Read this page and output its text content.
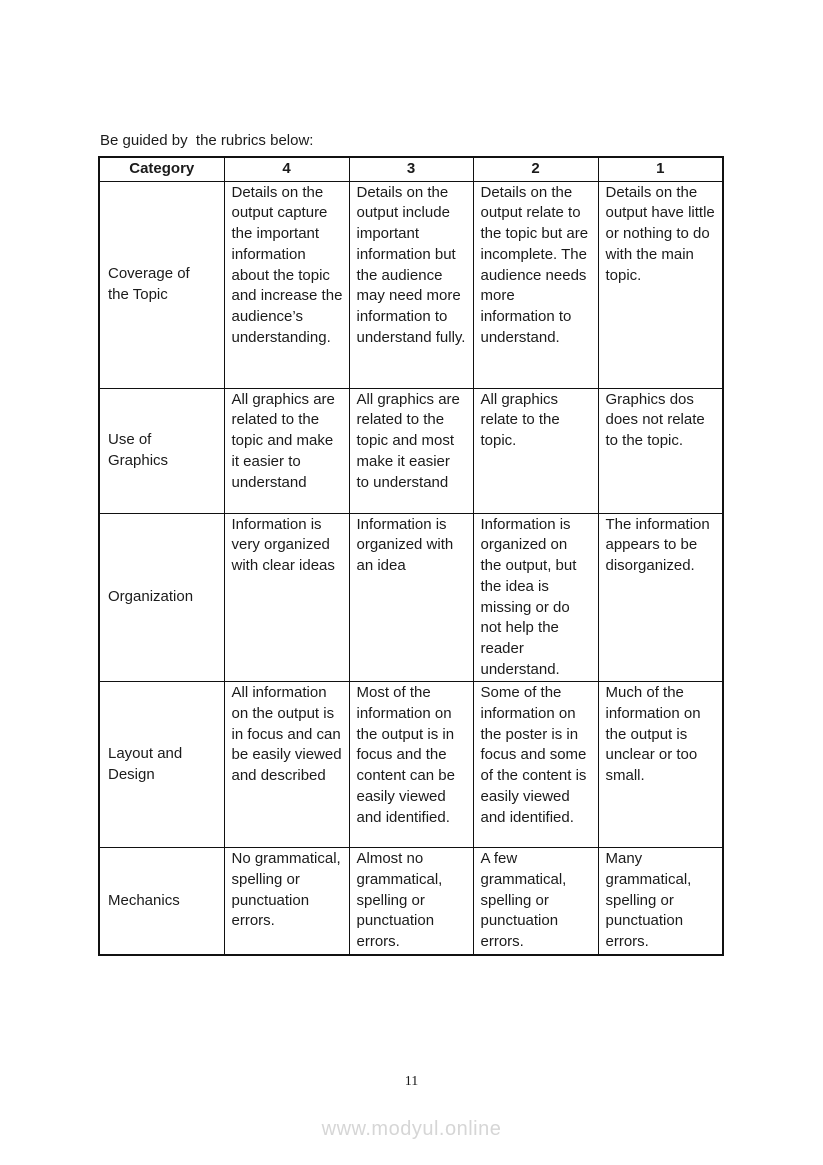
Be guided by  the rubrics below:
Category	4	3	2	1
Coverage of the Topic	Details on the output capture the important information about the topic and increase the audience’s understanding.	Details on the output include important information but the audience may need more information to understand fully.	Details on the output relate to the topic but are incomplete. The audience needs more information to understand.	Details on the output have little or nothing to do with the main topic.
Use of Graphics	All graphics are related to the topic and make it easier to understand	All graphics are related to the topic and most make it easier to understand	All graphics relate to the topic.	Graphics dos does not relate to the topic.
Organization	Information is very organized with clear ideas	Information is organized with an idea	Information is organized on the output, but the idea is missing or do not help the reader understand.	The information appears to be disorganized.
Layout and Design	All information on the output is in focus and can be easily viewed and described	Most of the information on the output is in focus and the content can be easily viewed and identified.	Some of the information on the poster is in focus and some of the content is easily viewed and identified.	Much of the information on the output is unclear or too small.
Mechanics	No grammatical, spelling or punctuation errors.	Almost no grammatical, spelling or punctuation errors.	A few grammatical, spelling or punctuation errors.	Many grammatical, spelling or punctuation errors.
11
www.modyul.online
